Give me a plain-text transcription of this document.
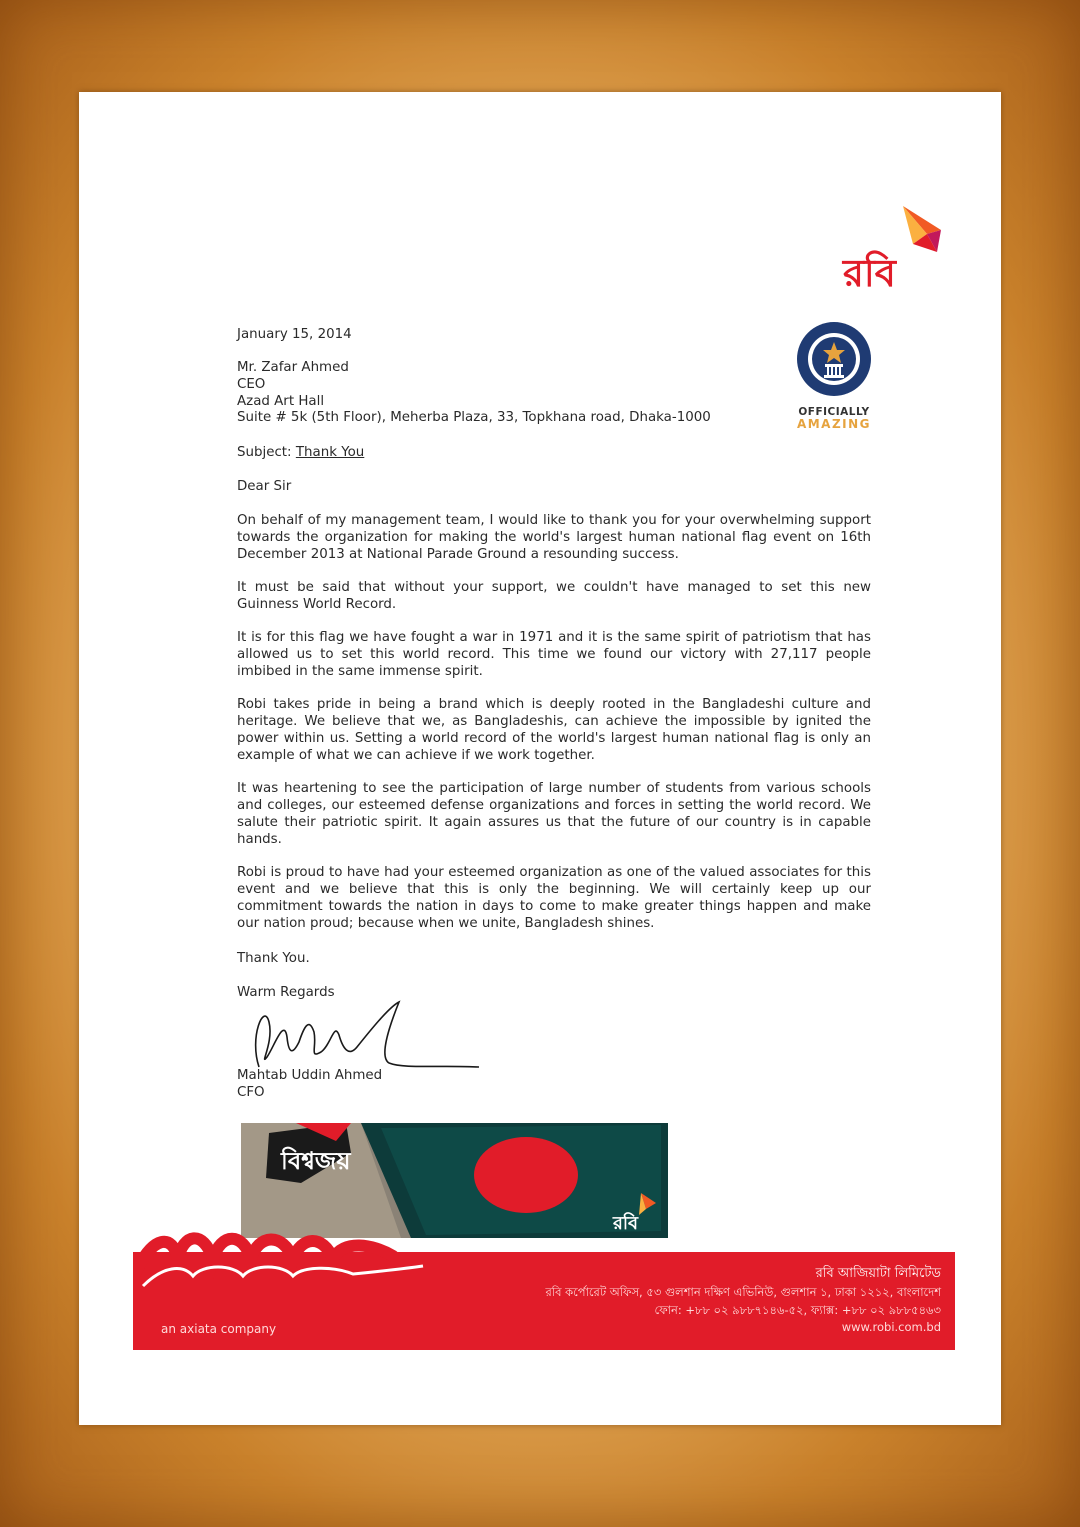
রবি
OFFICIALLY
AMAZING
January 15, 2014
Mr. Zafar Ahmed
CEO
Azad Art Hall
Suite # 5k (5th Floor), Meherba Plaza, 33, Topkhana road, Dhaka-1000
Subject: Thank You
Dear Sir
On behalf of my management team, I would like to thank you for your overwhelming support towards the organization for making the world's largest human national flag event on 16th December 2013 at National Parade Ground a resounding success.
It must be said that without your support, we couldn't have managed to set this new Guinness World Record.
It is for this flag we have fought a war in 1971 and it is the same spirit of patriotism that has allowed us to set this world record. This time we found our victory with 27,117 people imbibed in the same immense spirit.
Robi takes pride in being a brand which is deeply rooted in the Bangladeshi culture and heritage. We believe that we, as Bangladeshis, can achieve the impossible by ignited the power within us. Setting a world record of the world's largest human national flag is only an example of what we can achieve if we work together.
It was heartening to see the participation of large number of students from various schools and colleges, our esteemed defense organizations and forces in setting the world record. We salute their patriotic spirit. It again assures us that the future of our country is in capable hands.
Robi is proud to have had your esteemed organization as one of the valued associates for this event and we believe that this is only the beginning. We will certainly keep up our commitment towards the nation in days to come to make greater things happen and make our nation proud; because when we unite, Bangladesh shines.
Thank You.
Warm Regards
Mahtab Uddin Ahmed
CFO
বিশ্বজয়
রবি
an axiata company
রবি আজিয়াটা লিমিটেড
রবি কর্পোরেট অফিস, ৫৩ গুলশান দক্ষিণ এভিনিউ, গুলশান ১, ঢাকা ১২১২, বাংলাদেশ
ফোন: +৮৮ ০২ ৯৮৮৭১৪৬-৫২, ফ্যাক্স: +৮৮ ০২ ৯৮৮৫৪৬৩
www.robi.com.bd
